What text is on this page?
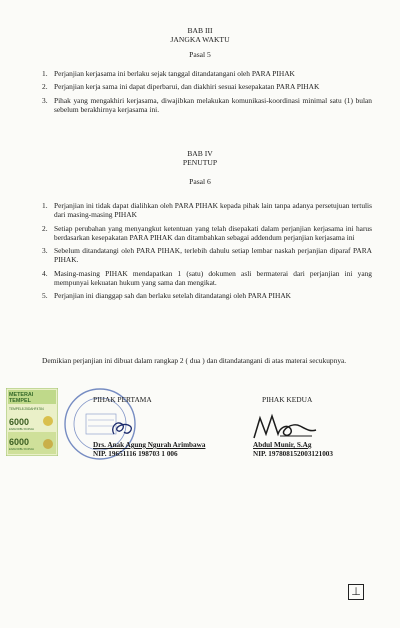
BAB III
JANGKA WAKTU
Pasal 5
1. Perjanjian kerjasama ini berlaku sejak tanggal ditandatangani oleh PARA PIHAK
2. Perjanjian kerja sama ini dapat diperbarui, dan diakhiri sesuai kesepakatan PARA PIHAK
3. Pihak yang mengakhiri kerjasama, diwajibkan melakukan komunikasi-koordinasi minimal satu (1) bulan sebelum berakhirnya kerjasama ini.
BAB IV
PENUTUP
Pasal 6
1. Perjanjian ini tidak dapat dialihkan oleh PARA PIHAK kepada pihak lain tanpa adanya persetujuan tertulis dari masing-masing PIHAK
2. Setiap perubahan yang menyangkut ketentuan yang telah disepakati dalam perjanjian kerjasama ini harus berdasarkan kesepakatan PARA PIHAK dan ditambahkan sebagai addendum perjanjian kerjasama ini
3. Sebelum ditandatangi oleh PARA PIHAK, terlebih dahulu setiap lembar naskah perjanjian diparaf PARA PIHAK.
4. Masing-masing PIHAK mendapatkan 1 (satu) dokumen asli bermaterai dari perjanjian ini yang mempunyai kekuatan hukum yang sama dan mengikat.
5. Perjanjian ini dianggap sah dan berlaku setelah ditandatangi oleh PARA PIHAK
Demikian perjanjian ini dibuat dalam rangkap 2 ( dua ) dan ditandatangani di atas materai secukupnya.
METERAI
TEMPEL
TEMPEL8 25DAHF4784
6000
ENAM RIBU RUPIAH
6000
ENAM RIBU RUPIAH
PIHAK PERTAMA
Drs. Anak Agung Ngurah Arimbawa
NIP. 19651116 198703 1 006
PIHAK KEDUA
Abdul Munir, S.Ag
NIP. 197808152003121003
⊥
